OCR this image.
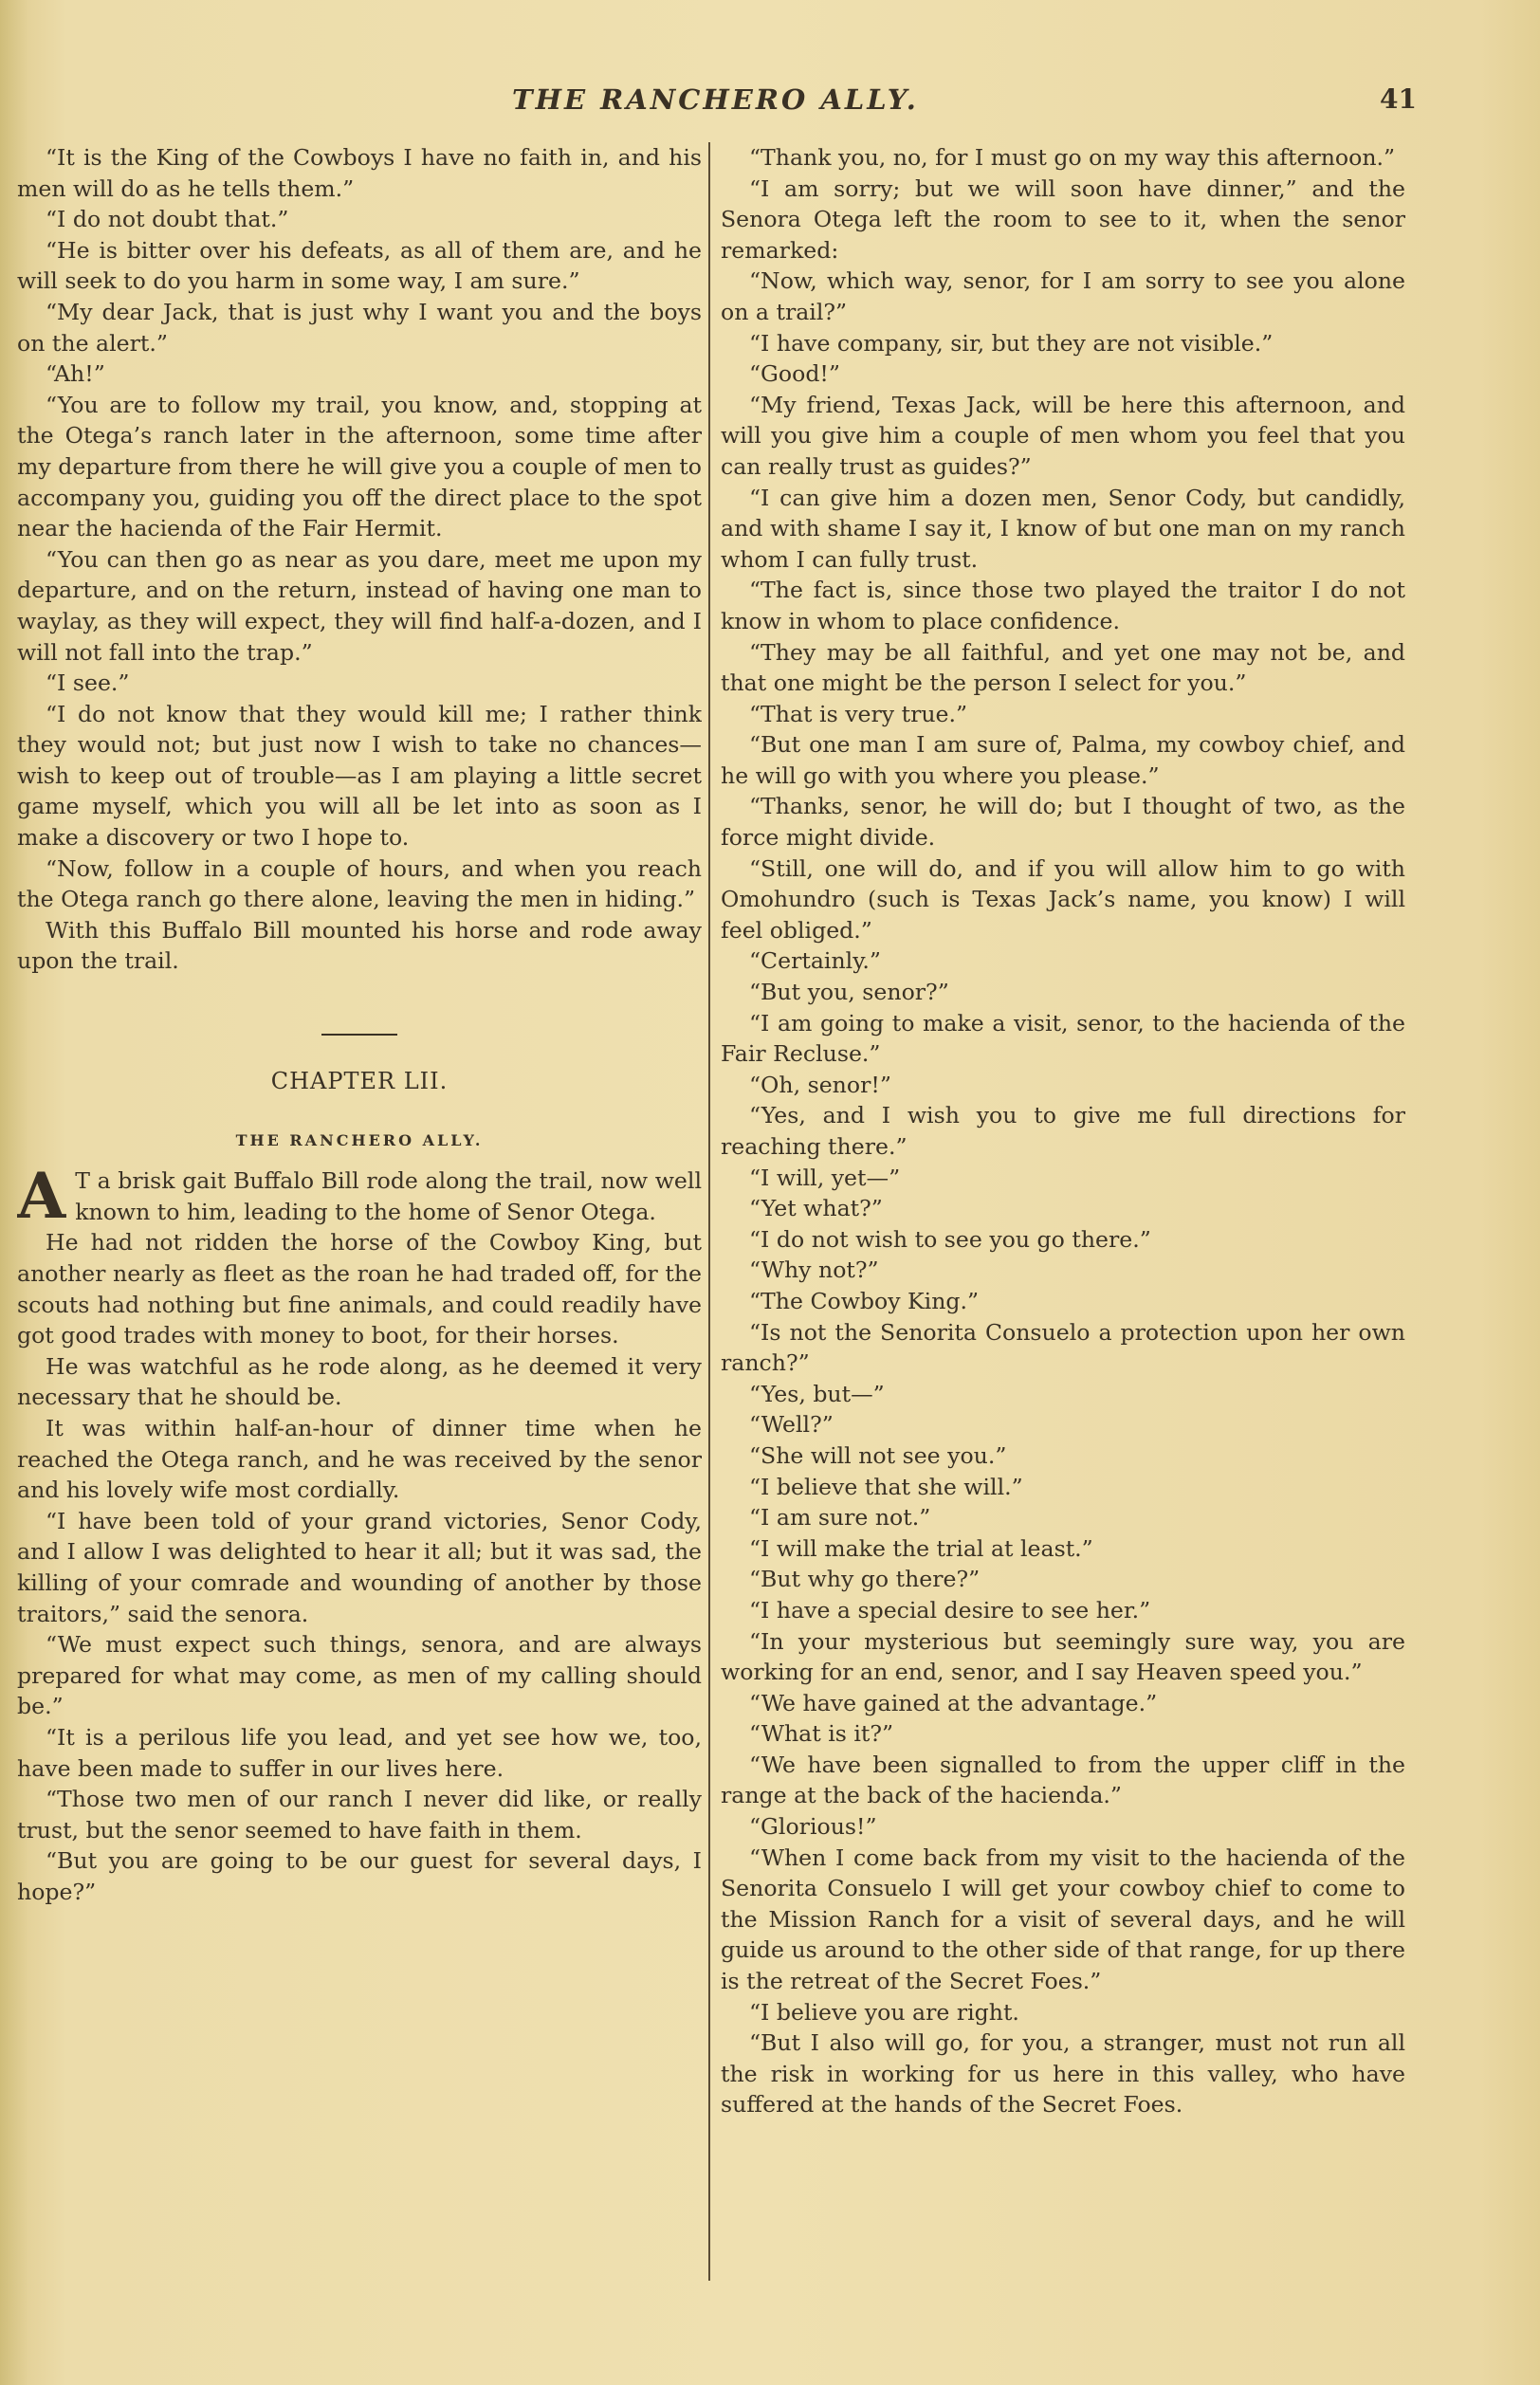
THE RANCHERO ALLY.	41

“It is the King of the Cowboys I have no faith in, and his men will do as he tells them.”

“I do not doubt that.”

“He is bitter over his defeats, as all of them are, and he will seek to do you harm in some way, I am sure.”

“My dear Jack, that is just why I want you and the boys on the alert.”

“Ah!”

“You are to follow my trail, you know, and, stopping at the Otega’s ranch later in the afternoon, some time after my departure from there he will give you a couple of men to accompany you, guiding you off the direct place to the spot near the hacienda of the Fair Hermit.

“You can then go as near as you dare, meet me upon my departure, and on the return, instead of having one man to waylay, as they will expect, they will find half-a-dozen, and I will not fall into the trap.”

“I see.”

“I do not know that they would kill me; I rather think they would not; but just now I wish to take no chances—wish to keep out of trouble—as I am playing a little secret game myself, which you will all be let into as soon as I make a discovery or two I hope to.

“Now, follow in a couple of hours, and when you reach the Otega ranch go there alone, leaving the men in hiding.”

With this Buffalo Bill mounted his horse and rode away upon the trail.

CHAPTER LII.

THE RANCHERO ALLY.

A T a brisk gait Buffalo Bill rode along the trail, now well known to him, leading to the home of Senor Otega.

He had not ridden the horse of the Cowboy King, but another nearly as fleet as the roan he had traded off, for the scouts had nothing but fine animals, and could readily have got good trades with money to boot, for their horses.

He was watchful as he rode along, as he deemed it very necessary that he should be.

It was within half-an-hour of dinner time when he reached the Otega ranch, and he was received by the senor and his lovely wife most cordially.

“I have been told of your grand victories, Senor Cody, and I allow I was delighted to hear it all; but it was sad, the killing of your comrade and wounding of another by those traitors,” said the senora.

“We must expect such things, senora, and are always prepared for what may come, as men of my calling should be.”

“It is a perilous life you lead, and yet see how we, too, have been made to suffer in our lives here.

“Those two men of our ranch I never did like, or really trust, but the senor seemed to have faith in them.

“But you are going to be our guest for several days, I hope?”

“Thank you, no, for I must go on my way this afternoon.”

“I am sorry; but we will soon have dinner,” and the Senora Otega left the room to see to it, when the senor remarked:

“Now, which way, senor, for I am sorry to see you alone on a trail?”

“I have company, sir, but they are not visible.”

“Good!”

“My friend, Texas Jack, will be here this afternoon, and will you give him a couple of men whom you feel that you can really trust as guides?”

“I can give him a dozen men, Senor Cody, but candidly, and with shame I say it, I know of but one man on my ranch whom I can fully trust.

“The fact is, since those two played the traitor I do not know in whom to place confidence.

“They may be all faithful, and yet one may not be, and that one might be the person I select for you.”

“That is very true.”

“But one man I am sure of, Palma, my cowboy chief, and he will go with you where you please.”

“Thanks, senor, he will do; but I thought of two, as the force might divide.

“Still, one will do, and if you will allow him to go with Omohundro (such is Texas Jack’s name, you know) I will feel obliged.”

“Certainly.”

“But you, senor?”

“I am going to make a visit, senor, to the hacienda of the Fair Recluse.”

“Oh, senor!”

“Yes, and I wish you to give me full directions for reaching there.”

“I will, yet—”

“Yet what?”

“I do not wish to see you go there.”

“Why not?”

“The Cowboy King.”

“Is not the Senorita Consuelo a protection upon her own ranch?”

“Yes, but—”

“Well?”

“She will not see you.”

“I believe that she will.”

“I am sure not.”

“I will make the trial at least.”

“But why go there?”

“I have a special desire to see her.”

“In your mysterious but seemingly sure way, you are working for an end, senor, and I say Heaven speed you.”

“We have gained at the advantage.”

“What is it?”

“We have been signalled to from the upper cliff in the range at the back of the hacienda.”

“Glorious!”

“When I come back from my visit to the hacienda of the Senorita Consuelo I will get your cowboy chief to come to the Mission Ranch for a visit of several days, and he will guide us around to the other side of that range, for up there is the retreat of the Secret Foes.”

“I believe you are right.

“But I also will go, for you, a stranger, must not run all the risk in working for us here in this valley, who have suffered at the hands of the Secret Foes.
